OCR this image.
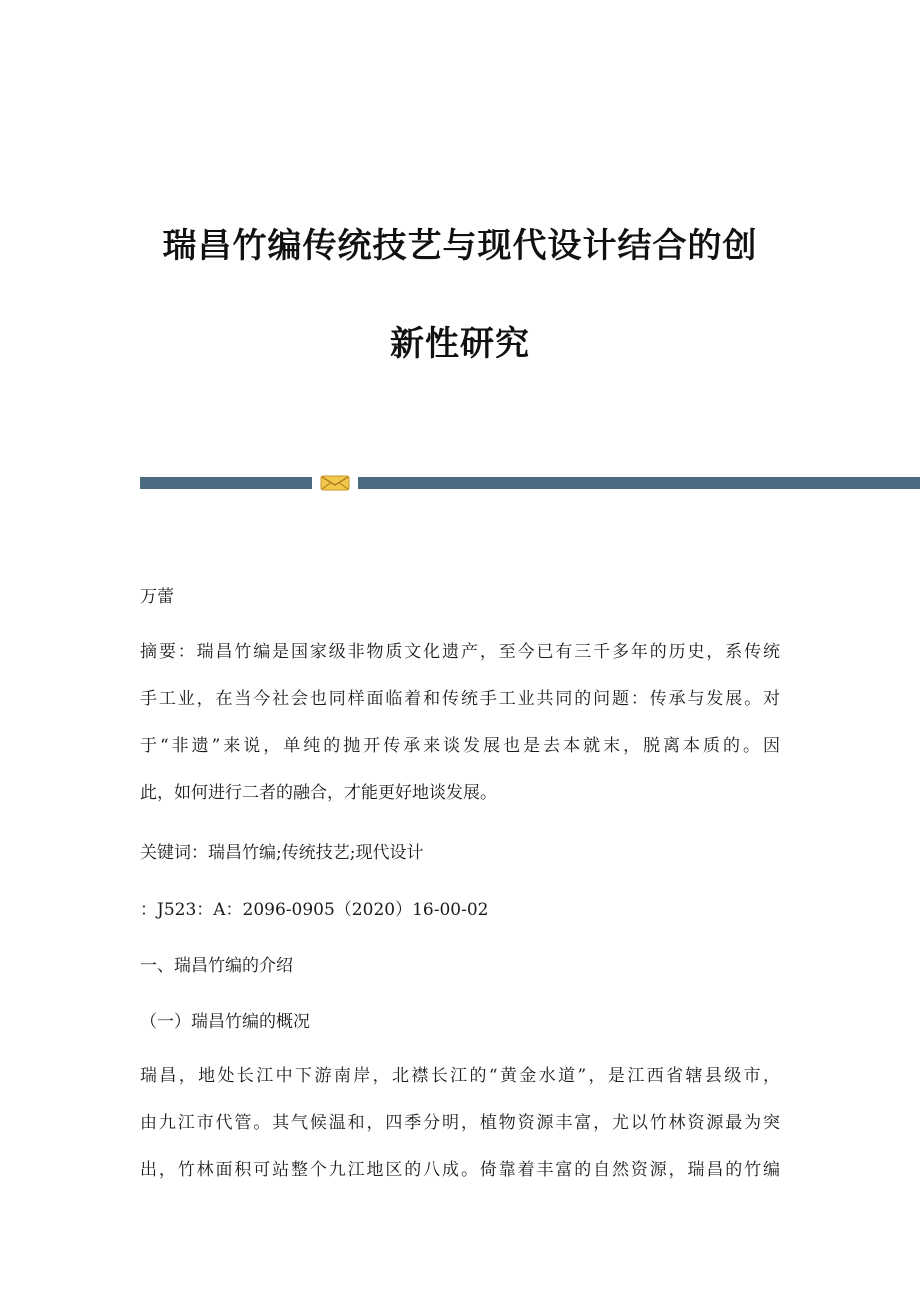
瑞昌竹编传统技艺与现代设计结合的创
新性研究
万蕾
摘要：瑞昌竹编是国家级非物质文化遗产，至今已有三千多年的历史，系传统
手工业，在当今社会也同样面临着和传统手工业共同的问题：传承与发展。对
于“非遗”来说，单纯的抛开传承来谈发展也是去本就末，脱离本质的。因
此，如何进行二者的融合，才能更好地谈发展。
关键词：瑞昌竹编;传统技艺;现代设计
：J523：A：2096-0905（2020）16-00-02
一、瑞昌竹编的介绍
（一）瑞昌竹编的概况
瑞昌，地处长江中下游南岸，北襟长江的“黄金水道”，是江西省辖县级市，
由九江市代管。其气候温和，四季分明，植物资源丰富，尤以竹林资源最为突
出，竹林面积可站整个九江地区的八成。倚靠着丰富的自然资源，瑞昌的竹编
